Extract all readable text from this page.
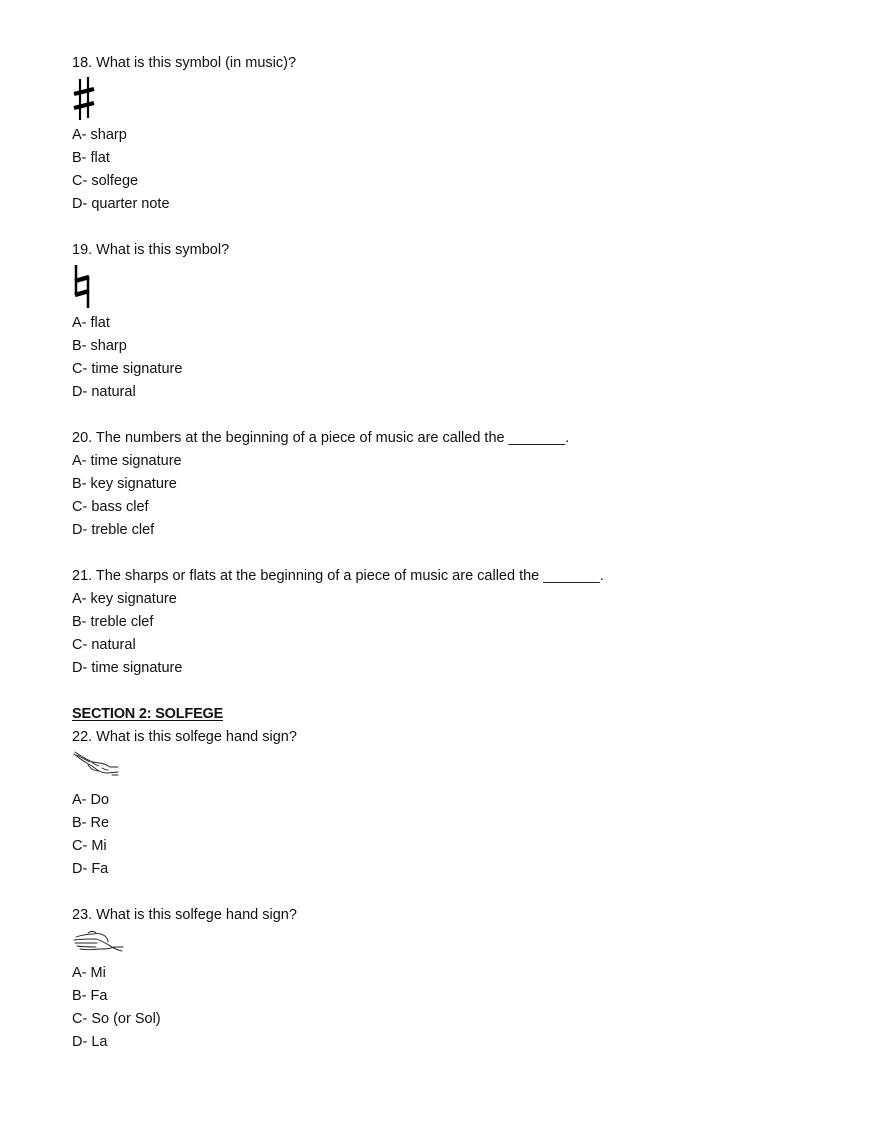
18. What is this symbol (in music)?
A- sharp
B- flat
C- solfege
D- quarter note
19. What is this symbol?
A- flat
B- sharp
C- time signature
D- natural
20. The numbers at the beginning of a piece of music are called the _______.
A- time signature
B- key signature
C- bass clef
D- treble clef
21. The sharps or flats at the beginning of a piece of music are called the _______.
A- key signature
B- treble clef
C- natural
D- time signature
SECTION 2: SOLFEGE
22. What is this solfege hand sign?
A- Do
B- Re
C- Mi
D- Fa
23. What is this solfege hand sign?
A- Mi
B- Fa
C- So (or Sol)
D- La
